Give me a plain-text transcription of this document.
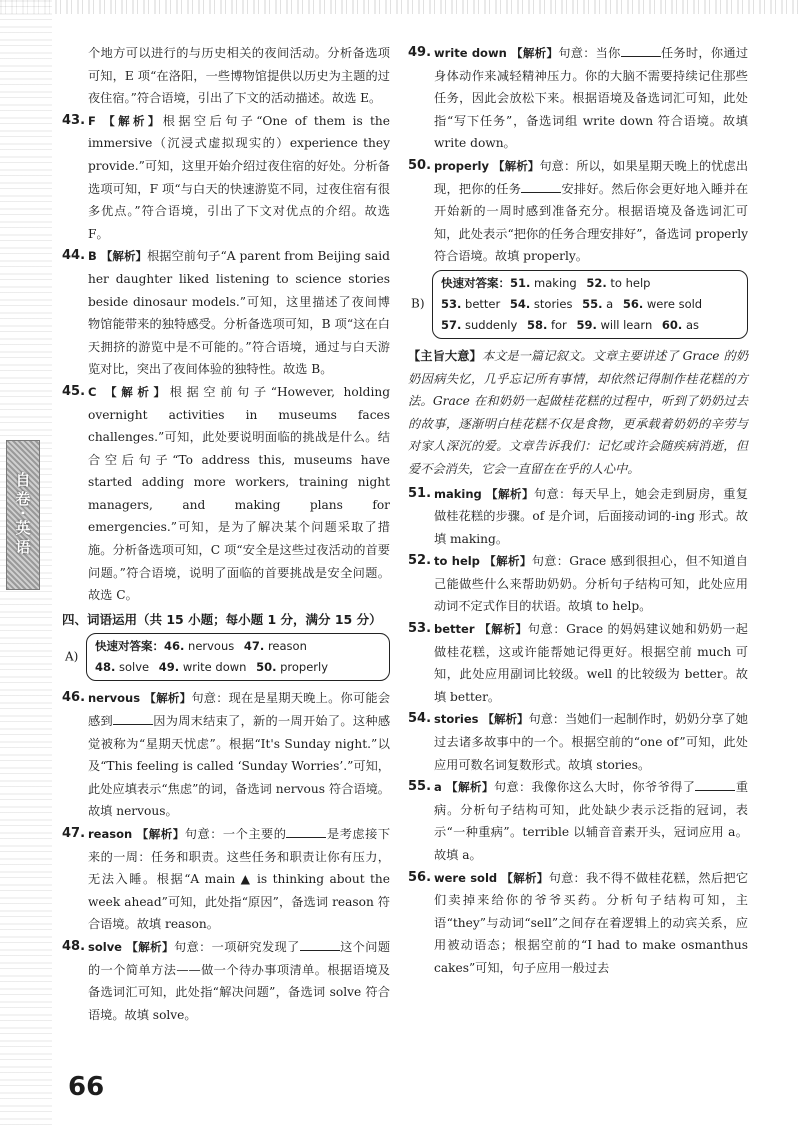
自卷·英语

个地方可以进行的与历史相关的夜间活动。分析备选项可知，E 项“在洛阳，一些博物馆提供以历史为主题的过夜住宿。”符合语境，引出了下文的活动描述。故选 E。

43. F 【解析】根据空后句子“One of them is the immersive（沉浸式虚拟现实的）experience they provide.”可知，这里开始介绍过夜住宿的好处。分析备选项可知，F 项“与白天的快速游览不同，过夜住宿有很多优点。”符合语境，引出了下文对优点的介绍。故选 F。
44. B 【解析】根据空前句子“A parent from Beijing said her daughter liked listening to science stories beside dinosaur models.”可知，这里描述了夜间博物馆能带来的独特感受。分析备选项可知，B 项“这在白天拥挤的游览中是不可能的。”符合语境，通过与白天游览对比，突出了夜间体验的独特性。故选 B。
45. C 【解析】根据空前句子“However, holding overnight activities in museums faces challenges.”可知，此处要说明面临的挑战是什么。结合空后句子“To address this, museums have started adding more workers, training night managers, and making plans for emergencies.”可知，是为了解决某个问题采取了措施。分析备选项可知，C 项“安全是这些过夜活动的首要问题。”符合语境，说明了面临的首要挑战是安全问题。故选 C。

四、词语运用（共 15 小题；每小题 1 分，满分 15 分）

A)
快速对答案：46. nervous 47. reason
48. solve 49. write down 50. properly
46. nervous 【解析】句意：现在是星期天晚上。你可能会感到	因为周末结束了，新的一周开始了。这种感觉被称为“星期天忧虑”。根据“It's Sunday night.”以及“This feeling is called ‘Sunday Worries’.”可知，此处应填表示“焦虑”的词，备选词 nervous 符合语境。故填 nervous。
47. reason 【解析】句意：一个主要的	是考虑接下来的一周：任务和职责。这些任务和职责让你有压力，无法入睡。根据“A main ▲ is thinking about the week ahead”可知，此处指“原因”，备选词 reason 符合语境。故填 reason。
48. solve 【解析】句意：一项研究发现了	这个问题的一个简单方法——做一个待办事项清单。根据语境及备选词汇可知，此处指“解决问题”，备选词 solve 符合语境。故填 solve。
49. write down 【解析】句意：当你	任务时，你通过身体动作来减轻精神压力。你的大脑不需要持续记住那些任务，因此会放松下来。根据语境及备选词汇可知，此处指“写下任务”，备选词组 write down 符合语境。故填 write down。
50. properly 【解析】句意：所以，如果星期天晚上的忧虑出现，把你的任务	安排好。然后你会更好地入睡并在开始新的一周时感到准备充分。根据语境及备选词汇可知，此处表示“把你的任务合理安排好”，备选词 properly 符合语境。故填 properly。
B)
快速对答案：51. making 52. to help
53. better 54. stories 55. a 56. were sold
57. suddenly 58. for 59. will learn 60. as

【主旨大意】本文是一篇记叙文。文章主要讲述了 Grace 的奶奶因病失忆，几乎忘记所有事情，却依然记得制作桂花糕的方法。Grace 在和奶奶一起做桂花糕的过程中，听到了奶奶过去的故事，逐渐明白桂花糕不仅是食物，更承载着奶奶的辛劳与对家人深沉的爱。文章告诉我们：记忆或许会随疾病消逝，但爱不会消失，它会一直留在在乎的人心中。

51. making 【解析】句意：每天早上，她会走到厨房，重复做桂花糕的步骤。of 是介词，后面接动词的-ing 形式。故填 making。
52. to help 【解析】句意：Grace 感到很担心，但不知道自己能做些什么来帮助奶奶。分析句子结构可知，此处应用动词不定式作目的状语。故填 to help。
53. better 【解析】句意：Grace 的妈妈建议她和奶奶一起做桂花糕，这或许能帮她记得更好。根据空前 much 可知，此处应用副词比较级。well 的比较级为 better。故填 better。
54. stories 【解析】句意：当她们一起制作时，奶奶分享了她过去诸多故事中的一个。根据空前的“one of”可知，此处应用可数名词复数形式。故填 stories。
55. a 【解析】句意：我像你这么大时，你爷爷得了	重病。分析句子结构可知，此处缺少表示泛指的冠词，表示“一种重病”。terrible 以辅音音素开头，冠词应用 a。故填 a。
56. were sold 【解析】句意：我不得不做桂花糕，然后把它们卖掉来给你的爷爷买药。分析句子结构可知，主语“they”与动词“sell”之间存在着逻辑上的动宾关系，应用被动语态；根据空前的“I had to make osmanthus cakes”可知，句子应用一般过去
66
